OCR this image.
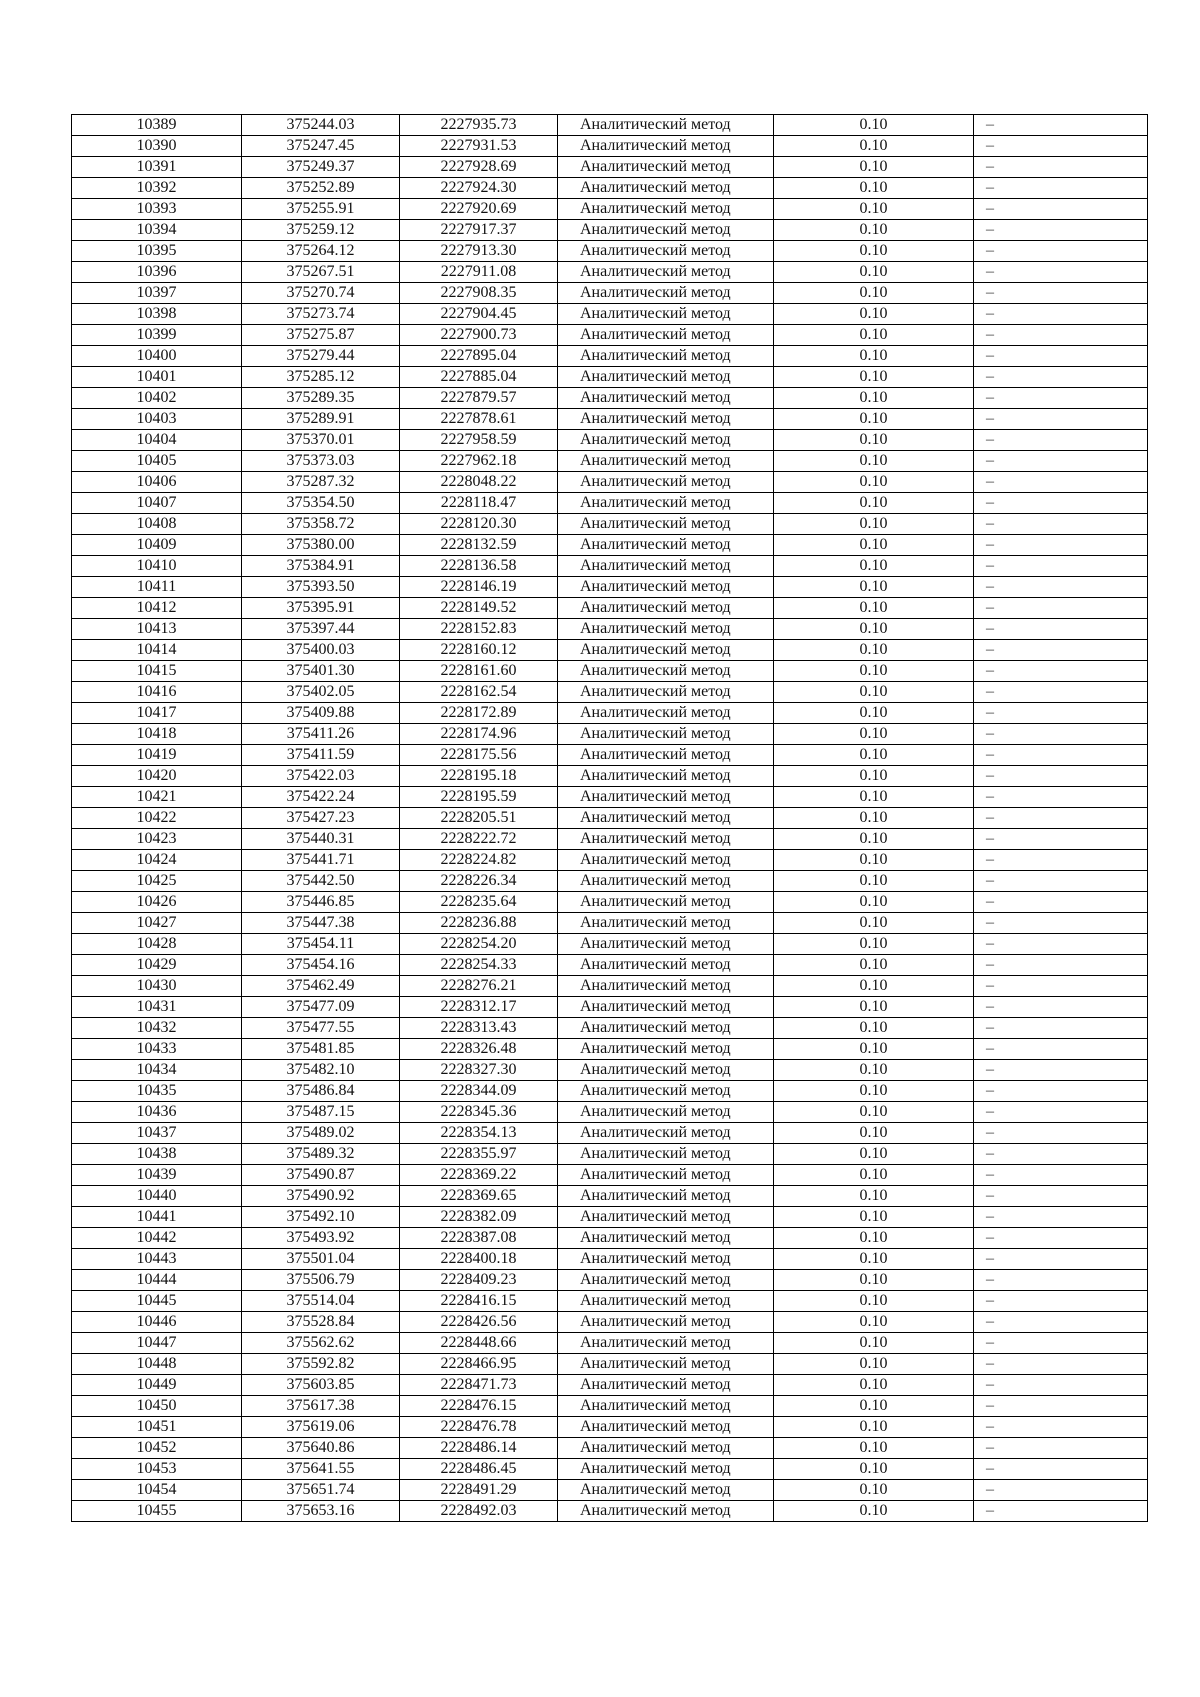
10389	375244.03	2227935.73	Аналитический метод	0.10	–
10390	375247.45	2227931.53	Аналитический метод	0.10	–
10391	375249.37	2227928.69	Аналитический метод	0.10	–
10392	375252.89	2227924.30	Аналитический метод	0.10	–
10393	375255.91	2227920.69	Аналитический метод	0.10	–
10394	375259.12	2227917.37	Аналитический метод	0.10	–
10395	375264.12	2227913.30	Аналитический метод	0.10	–
10396	375267.51	2227911.08	Аналитический метод	0.10	–
10397	375270.74	2227908.35	Аналитический метод	0.10	–
10398	375273.74	2227904.45	Аналитический метод	0.10	–
10399	375275.87	2227900.73	Аналитический метод	0.10	–
10400	375279.44	2227895.04	Аналитический метод	0.10	–
10401	375285.12	2227885.04	Аналитический метод	0.10	–
10402	375289.35	2227879.57	Аналитический метод	0.10	–
10403	375289.91	2227878.61	Аналитический метод	0.10	–
10404	375370.01	2227958.59	Аналитический метод	0.10	–
10405	375373.03	2227962.18	Аналитический метод	0.10	–
10406	375287.32	2228048.22	Аналитический метод	0.10	–
10407	375354.50	2228118.47	Аналитический метод	0.10	–
10408	375358.72	2228120.30	Аналитический метод	0.10	–
10409	375380.00	2228132.59	Аналитический метод	0.10	–
10410	375384.91	2228136.58	Аналитический метод	0.10	–
10411	375393.50	2228146.19	Аналитический метод	0.10	–
10412	375395.91	2228149.52	Аналитический метод	0.10	–
10413	375397.44	2228152.83	Аналитический метод	0.10	–
10414	375400.03	2228160.12	Аналитический метод	0.10	–
10415	375401.30	2228161.60	Аналитический метод	0.10	–
10416	375402.05	2228162.54	Аналитический метод	0.10	–
10417	375409.88	2228172.89	Аналитический метод	0.10	–
10418	375411.26	2228174.96	Аналитический метод	0.10	–
10419	375411.59	2228175.56	Аналитический метод	0.10	–
10420	375422.03	2228195.18	Аналитический метод	0.10	–
10421	375422.24	2228195.59	Аналитический метод	0.10	–
10422	375427.23	2228205.51	Аналитический метод	0.10	–
10423	375440.31	2228222.72	Аналитический метод	0.10	–
10424	375441.71	2228224.82	Аналитический метод	0.10	–
10425	375442.50	2228226.34	Аналитический метод	0.10	–
10426	375446.85	2228235.64	Аналитический метод	0.10	–
10427	375447.38	2228236.88	Аналитический метод	0.10	–
10428	375454.11	2228254.20	Аналитический метод	0.10	–
10429	375454.16	2228254.33	Аналитический метод	0.10	–
10430	375462.49	2228276.21	Аналитический метод	0.10	–
10431	375477.09	2228312.17	Аналитический метод	0.10	–
10432	375477.55	2228313.43	Аналитический метод	0.10	–
10433	375481.85	2228326.48	Аналитический метод	0.10	–
10434	375482.10	2228327.30	Аналитический метод	0.10	–
10435	375486.84	2228344.09	Аналитический метод	0.10	–
10436	375487.15	2228345.36	Аналитический метод	0.10	–
10437	375489.02	2228354.13	Аналитический метод	0.10	–
10438	375489.32	2228355.97	Аналитический метод	0.10	–
10439	375490.87	2228369.22	Аналитический метод	0.10	–
10440	375490.92	2228369.65	Аналитический метод	0.10	–
10441	375492.10	2228382.09	Аналитический метод	0.10	–
10442	375493.92	2228387.08	Аналитический метод	0.10	–
10443	375501.04	2228400.18	Аналитический метод	0.10	–
10444	375506.79	2228409.23	Аналитический метод	0.10	–
10445	375514.04	2228416.15	Аналитический метод	0.10	–
10446	375528.84	2228426.56	Аналитический метод	0.10	–
10447	375562.62	2228448.66	Аналитический метод	0.10	–
10448	375592.82	2228466.95	Аналитический метод	0.10	–
10449	375603.85	2228471.73	Аналитический метод	0.10	–
10450	375617.38	2228476.15	Аналитический метод	0.10	–
10451	375619.06	2228476.78	Аналитический метод	0.10	–
10452	375640.86	2228486.14	Аналитический метод	0.10	–
10453	375641.55	2228486.45	Аналитический метод	0.10	–
10454	375651.74	2228491.29	Аналитический метод	0.10	–
10455	375653.16	2228492.03	Аналитический метод	0.10	–
